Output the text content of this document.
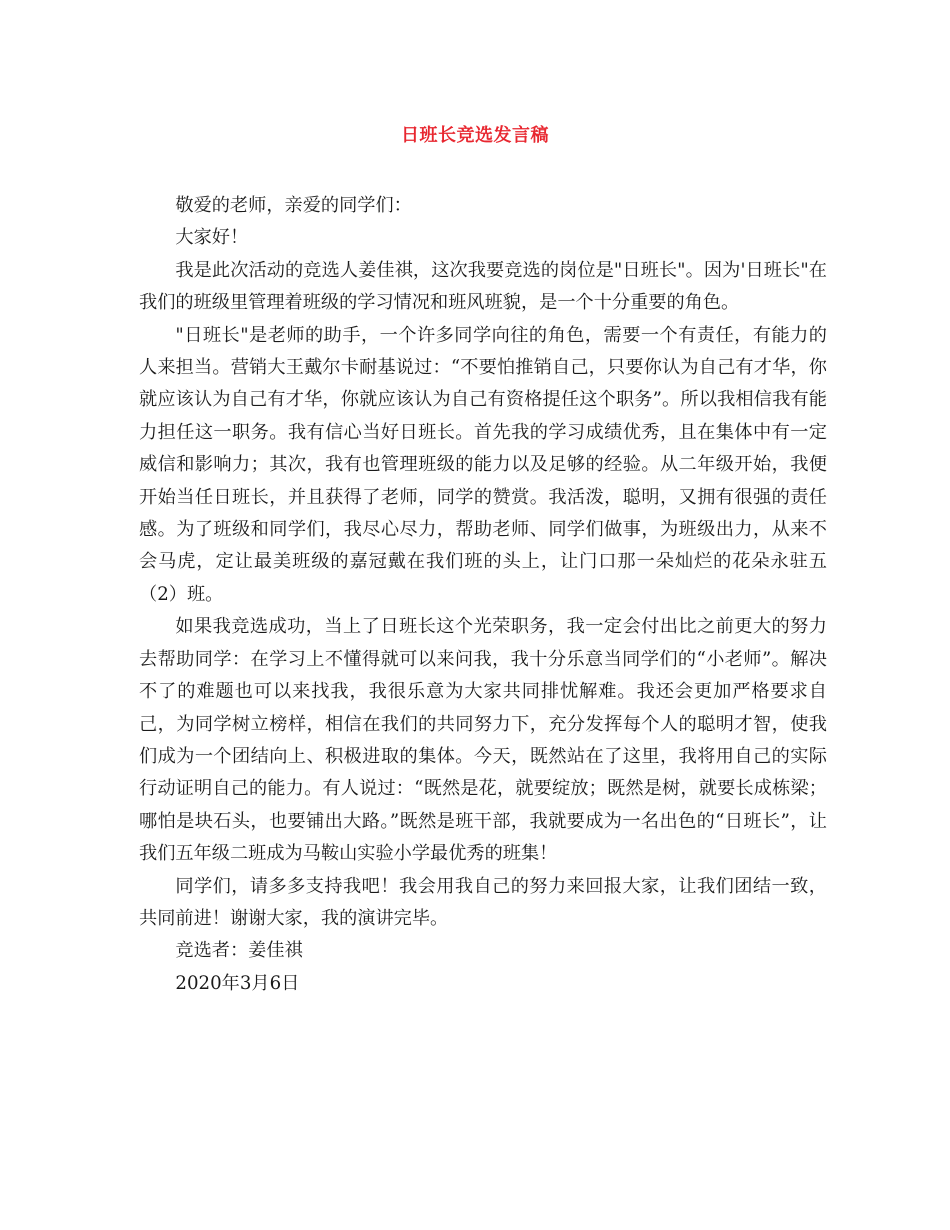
日班长竞选发言稿

敬爱的老师，亲爱的同学们：

大家好！

我是此次活动的竞选人姜佳祺，这次我要竞选的岗位是"日班长"。因为'日班长"在我们的班级里管理着班级的学习情况和班风班貌，是一个十分重要的角色。

"日班长"是老师的助手，一个许多同学向往的角色，需要一个有责任，有能力的人来担当。营销大王戴尔卡耐基说过：“不要怕推销自己，只要你认为自己有才华，你就应该认为自己有才华，你就应该认为自己有资格提任这个职务”。所以我相信我有能力担任这一职务。我有信心当好日班长。首先我的学习成绩优秀，且在集体中有一定威信和影响力；其次，我有也管理班级的能力以及足够的经验。从二年级开始，我便开始当任日班长，并且获得了老师，同学的赞赏。我活泼，聪明，又拥有很强的责任感。为了班级和同学们，我尽心尽力，帮助老师、同学们做事，为班级出力，从来不会马虎，定让最美班级的嘉冠戴在我们班的头上，让门口那一朵灿烂的花朵永驻五（2）班。

如果我竞选成功，当上了日班长这个光荣职务，我一定会付出比之前更大的努力去帮助同学：在学习上不懂得就可以来问我，我十分乐意当同学们的“小老师”。解决不了的难题也可以来找我，我很乐意为大家共同排忧解难。我还会更加严格要求自己，为同学树立榜样，相信在我们的共同努力下，充分发挥每个人的聪明才智，使我们成为一个团结向上、积极进取的集体。今天，既然站在了这里，我将用自己的实际行动证明自己的能力。有人说过：“既然是花，就要绽放；既然是树，就要长成栋梁；哪怕是块石头，也要铺出大路。”既然是班干部，我就要成为一名出色的“日班长”，让我们五年级二班成为马鞍山实验小学最优秀的班集！

同学们，请多多支持我吧！我会用我自己的努力来回报大家，让我们团结一致，共同前进！谢谢大家，我的演讲完毕。

竞选者：姜佳祺

2020年3月6日
